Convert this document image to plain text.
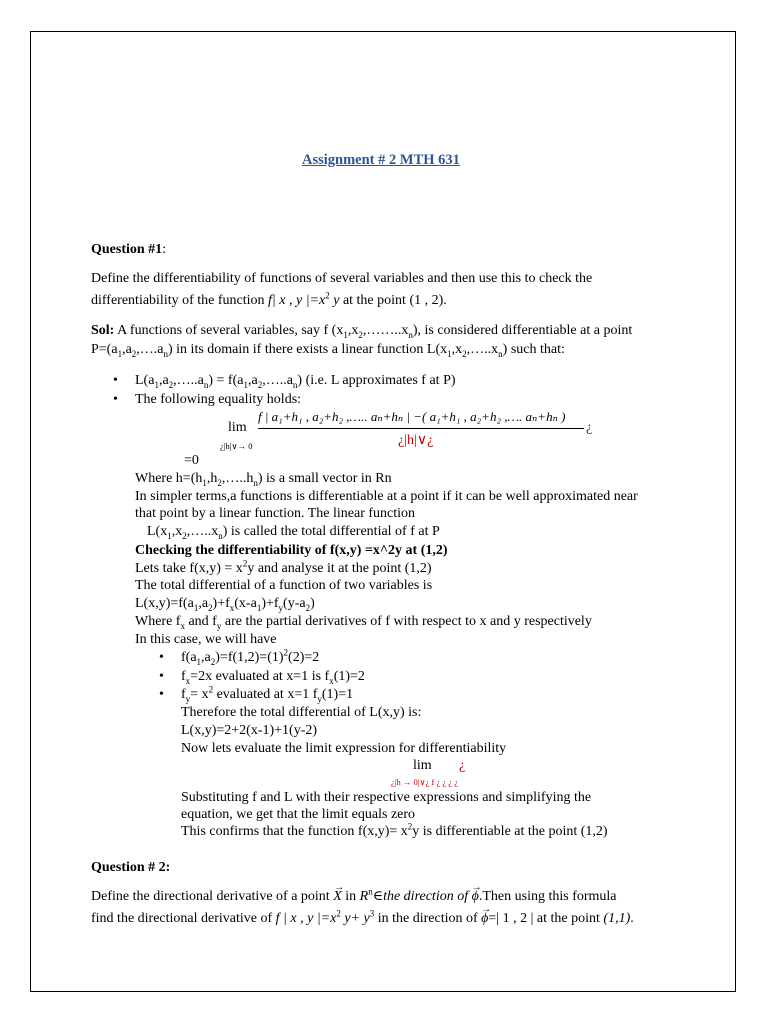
Assignment # 2 MTH 631
Question #1:
Define the differentiability of functions of several variables and then use this to check the
differentiability of the function f| x , y $|=x^2$ y at the point (1 , 2).
Sol: A functions of several variables, say f $(x_1,x_2,\dots\dots..x_n)$, is considered differentiable at a point
$P=(a_1,a_2,\dots.a_n)$ in its domain if there exists a linear function $L(x_1,x_2,\dots..x_n)$ such that:
• $L(a_1,a_2,\dots..a_n)$ = $f(a_1,a_2,\dots..a_n)$ (i.e. L approximates f at P)
• The following equality holds:
lim
¿|h|∨→ 0
f | a₁+h₁ , a₂+h₂ ,….. aₙ+hₙ | −( a₁+h₁ , a₂+h₂ ,…. aₙ+hₙ )
¿
¿|h|∨¿
=0
Where $h=(h_1,h_2,\dots..h_n)$ is a small vector in Rn
In simpler terms,a functions is differentiable at a point if it can be well approximated near
that point by a linear function. The linear function
$L(x_1,x_2,\dots..x_n)$ is called the total differential of f at P
Checking the differentiability of f(x,y) =x^2y at (1,2)
Lets take $f(x,y) = x^2y$ and analyse it at the point (1,2)
The total differential of a function of two variables is
$L(x,y)=f(a_1,a_2)+f_x(x-a_1)+f_y(y-a_2)$
Where $f_x$ and $f_y$ are the partial derivatives of f with respect to x and y respectively
In this case, we will have
• $f(a_1,a_2)=f(1,2)=(1)^2(2)=2$
• $f_x=2x$ evaluated at x=1 is $f_x(1)=2$
• $f_y= x^2$ evaluated at x=1 $f_y(1)=1$
Therefore the total differential of L(x,y) is:
L(x,y)=2+2(x-1)+1(y-2)
Now lets evaluate the limit expression for differentiability
lim ¿
¿|h → 0|∨¿ f ¿ ¿ ¿ ¿
Substituting f and L with their respective expressions and simplifying the
equation, we get that the limit equals zero
This confirms that the function $f(x,y)= x^2y$ is differentiable at the point (1,2)
Question # 2:
Define the directional derivative of a point
→
X in $R^n\in the$ direction of
→
ϕ.Then using this formula
find the directional derivative of f | x , y $|=x^2$ $y+ y^3$ in the direction of
→
ϕ=| 1 , 2 | at the point (1,1).
